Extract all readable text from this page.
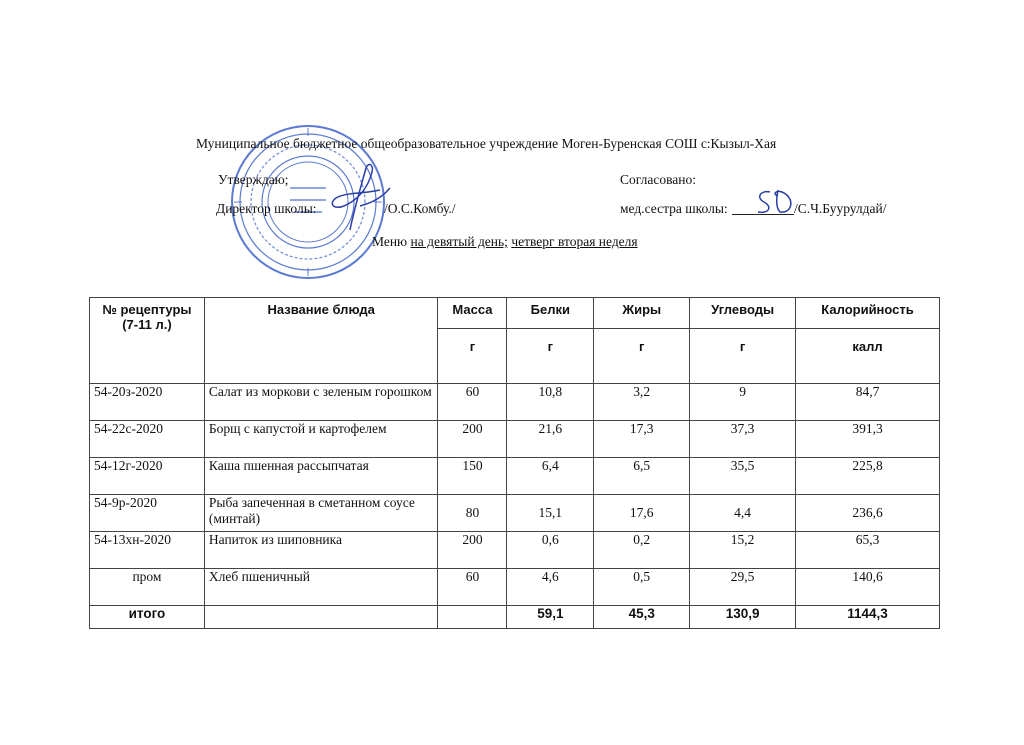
Муниципальное бюджетное общеобразовательное учреждение Моген-Буренская СОШ с:Кызыл-Хая
Утверждаю;	Согласовано:
Директор школы:	/О.С.Комбу./	мед.сестра школы:	/С.Ч.Буурулдай/
Меню на девятый день; четверг вторая неделя
№ рецептуры (7-11 л.)	Название блюда	Масса	Белки	Жиры	Углеводы	Калорийность
		г	г	г	г	калл
54-20з-2020	Салат из моркови с зеленым горошком	60	10,8	3,2	9	84,7
54-22с-2020	Борщ с капустой и картофелем	200	21,6	17,3	37,3	391,3
54-12г-2020	Каша пшенная рассыпчатая	150	6,4	6,5	35,5	225,8
54-9р-2020	Рыба запеченная в сметанном соусе (минтай)	80	15,1	17,6	4,4	236,6
54-13хн-2020	Напиток из шиповника	200	0,6	0,2	15,2	65,3
пром	Хлеб пшеничный	60	4,6	0,5	29,5	140,6
итого			59,1	45,3	130,9	1144,3
